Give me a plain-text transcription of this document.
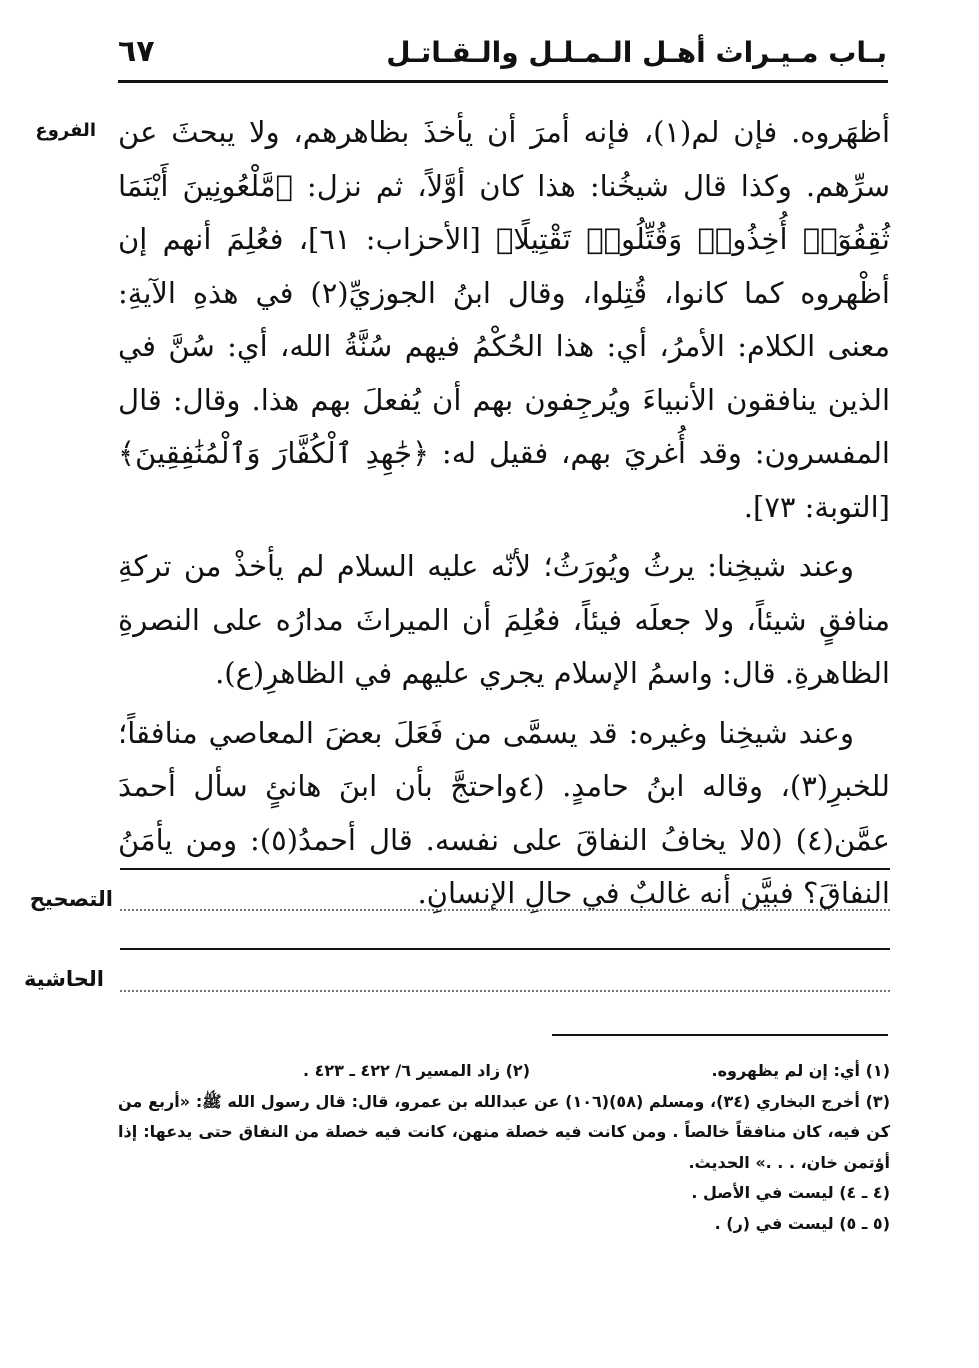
٦٧	بـاب مـيـراث أهـل الـمـلـل والـقـاتـل
الفروع أظهَروه. فإن لم(١)، فإنه أمرَ أن يأخذَ بظاهرهم، ولا يبحثَ عن سرِّهم. وكذا قال شيخُنا: هذا كان أوَّلاً، ثم نزل: ﴿مَّلْعُونِينَ أَيْنَمَا ثُقِفُوٓا۟ أُخِذُوا۟ وَقُتِّلُوا۟ تَقْتِيلًا﴾ [الأحزاب: ٦١]، فعُلِمَ أنهم إن أظْهروه كما كانوا، قُتِلوا، وقال ابنُ الجوزيِّ(٢) في هذهِ الآيةِ: معنى الكلام: الأمرُ، أي: هذا الحُكْمُ فيهم سُنَّةُ الله، أي: سُنَّ في الذين ينافقون الأنبياءَ ويُرجِفون بهم أن يُفعلَ بهم هذا. وقال: قال المفسرون: وقد أُغريَ بهم، فقيل له: ﴿جَٰهِدِ ٱلْكُفَّارَ وَٱلْمُنَٰفِقِينَ﴾ [التوبة: ٧٣].

وعند شيخِنا: يرثُ ويُورَثُ؛ لأنّه عليه السلام لم يأخذْ من تركةِ منافقٍ شيئاً، ولا جعلَه فيئاً، فعُلِمَ أن الميراثَ مدارُه على النصرةِ الظاهرةِ. قال: واسمُ الإسلام يجري عليهم في الظاهرِ(ع).

وعند شيخِنا وغيره: قد يسمَّى من فَعَلَ بعضَ المعاصي منافقاً؛ للخبرِ(٣)، وقاله ابنُ حامدٍ. (٤واحتجَّ بأن ابنَ هانئٍ سأل أحمدَ عمَّن(٤) (٥لا يخافُ النفاقَ على نفسه. قال أحمدُ(٥): ومن يأمَنُ النفاقَ؟ فبيَّن أنه غالبٌ في حالِ الإنسانِ.

التصحيح
الحاشية
(١) أي: إن لم يظهروه.
(٢) زاد المسير ٦/ ٤٢٢ ـ ٤٢٣ .

(٣) أخرج البخاري (٣٤)، ومسلم (٥٨)(١٠٦) عن عبدالله بن عمرو، قال: قال رسول الله ﷺ: «أربع من كن فيه، كان منافقاً خالصاً . ومن كانت فيه خصلة منهن، كانت فيه خصلة من النفاق حتى يدعها: إذا أؤتمن خان، . . .» الحديث.

(٤ ـ ٤) ليست في الأصل .

(٥ ـ ٥) ليست في (ر) .
